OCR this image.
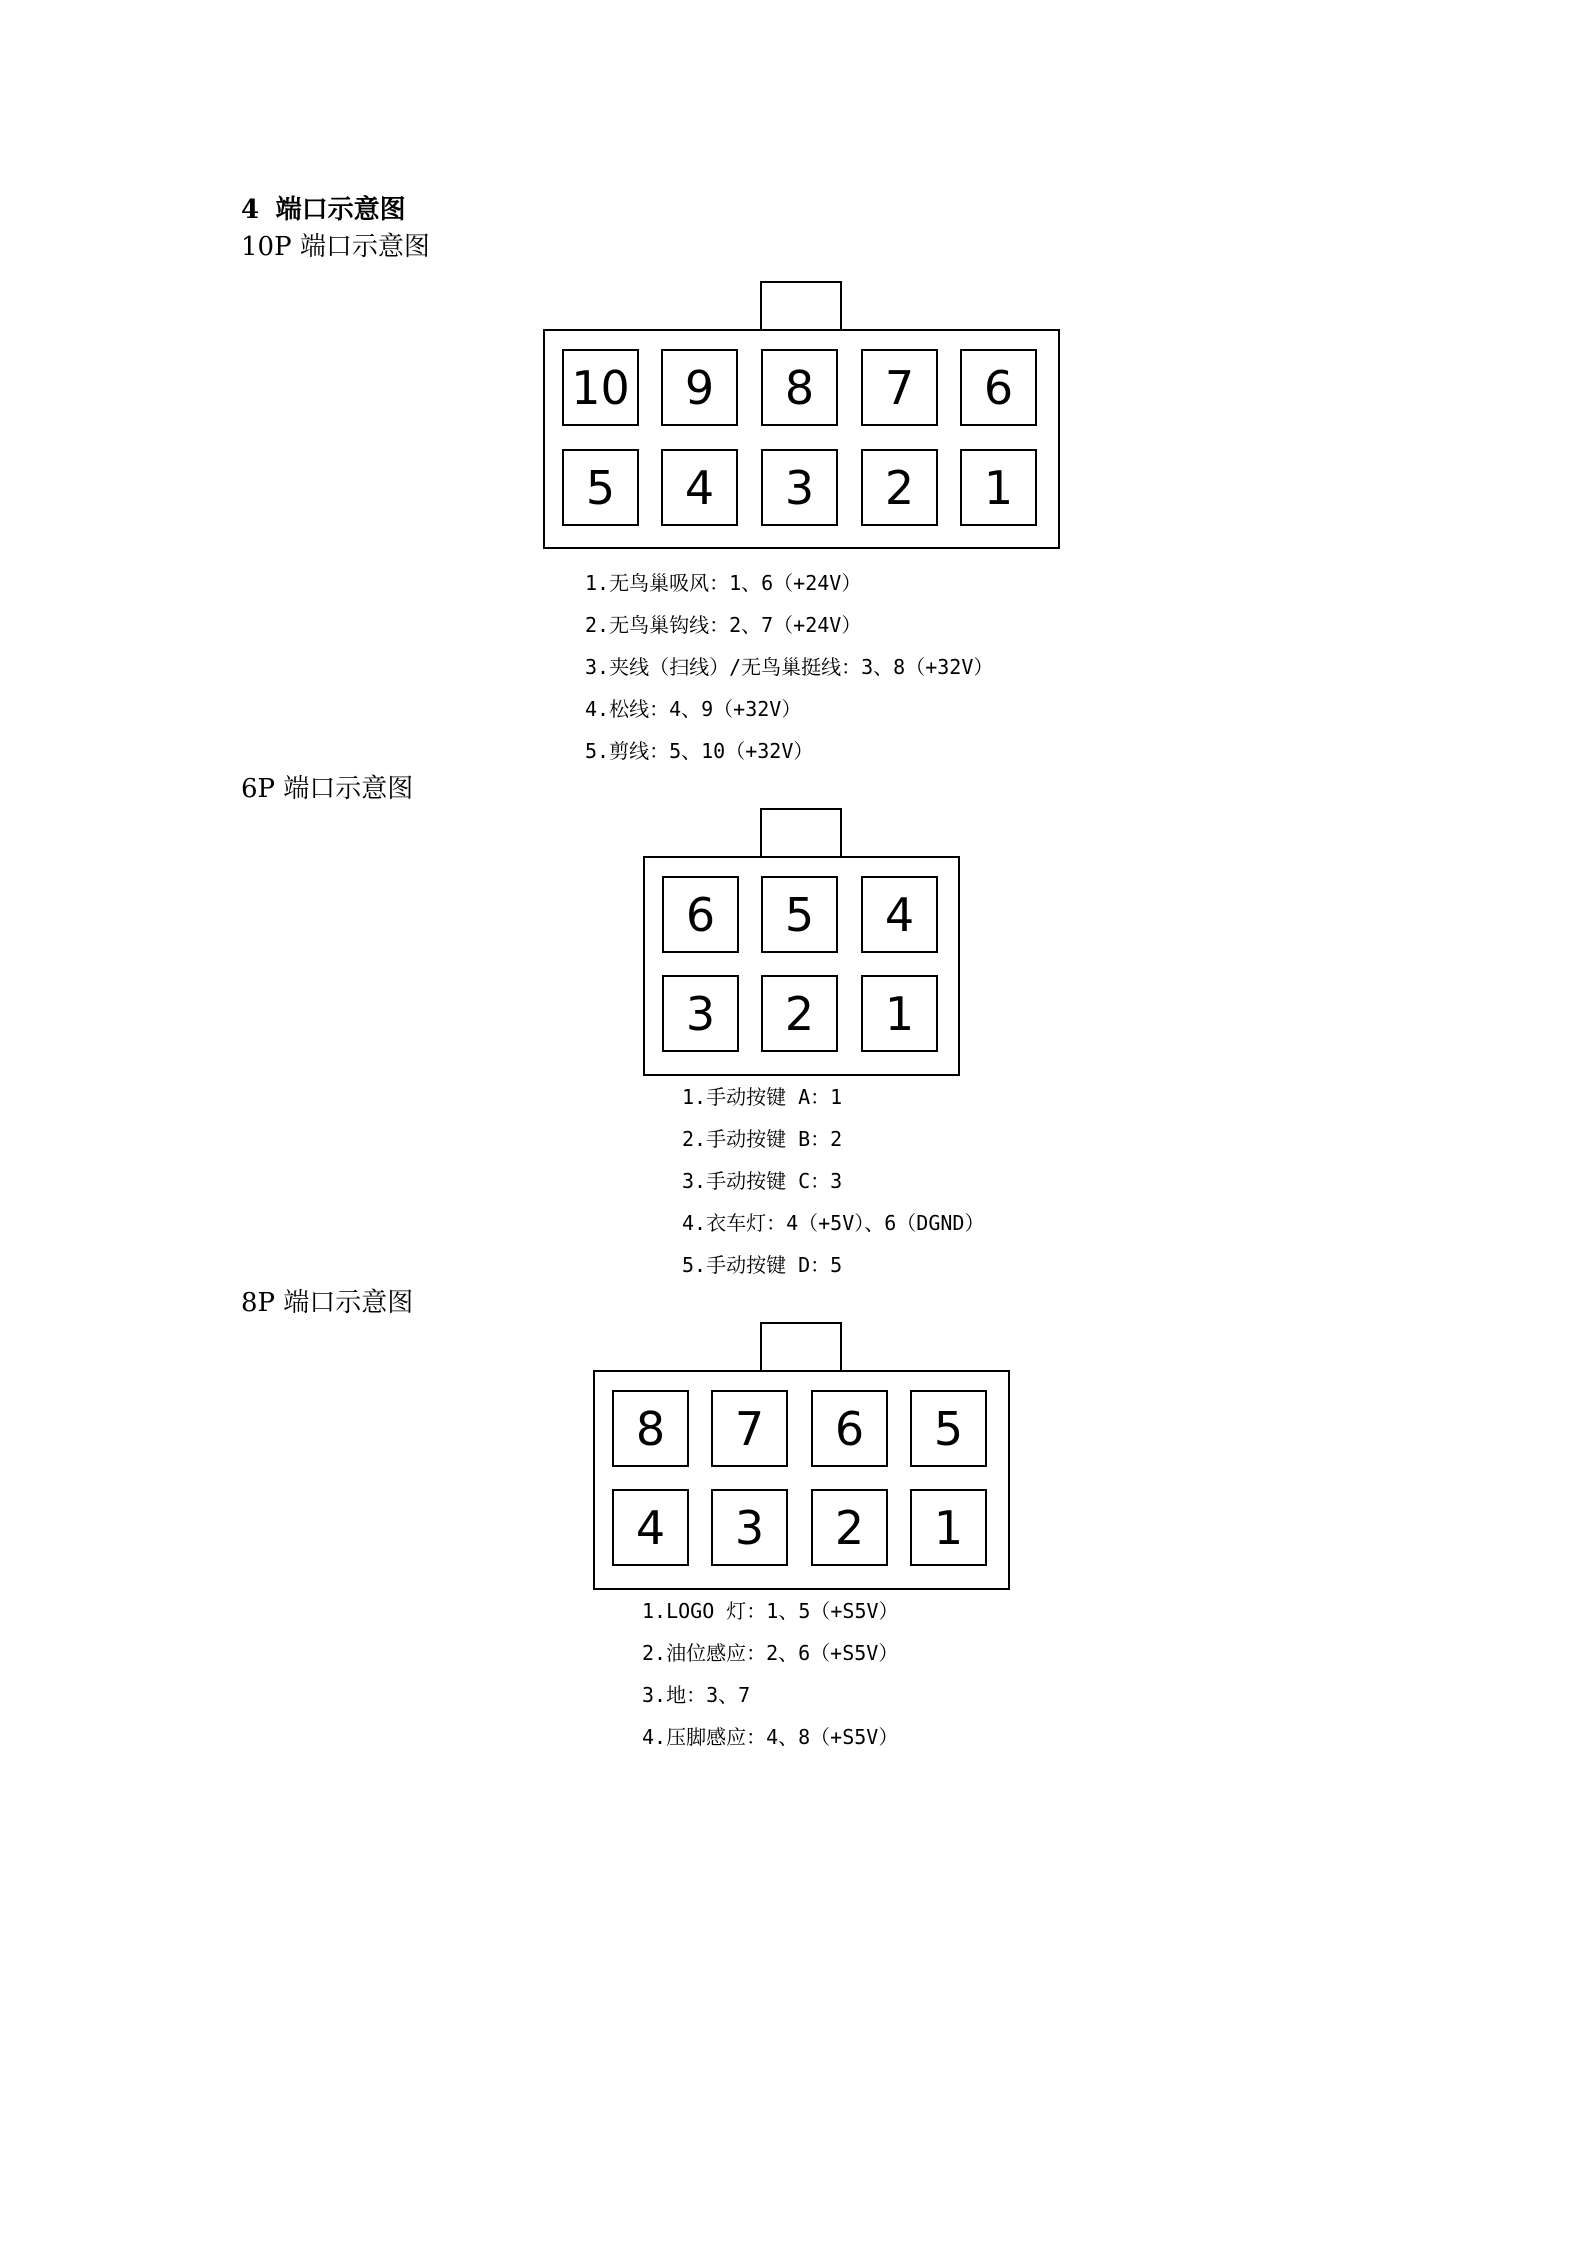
4 端口示意图
10P 端口示意图
10	9	8	7	6
5	4	3	2	1
1.无鸟巢吸风：1、6（+24V）
2.无鸟巢钩线：2、7（+24V）
3.夹线（扫线）/无鸟巢挺线：3、8（+32V）
4.松线：4、9（+32V）
5.剪线：5、10（+32V）
6P 端口示意图
6	5	4
3	2	1
1.手动按键 A：1
2.手动按键 B：2
3.手动按键 C：3
4.衣车灯：4（+5V）、6（DGND）
5.手动按键 D：5
8P 端口示意图
8	7	6	5
4	3	2	1
1.LOGO 灯：1、5（+S5V）
2.油位感应：2、6（+S5V）
3.地：3、7
4.压脚感应：4、8（+S5V）
